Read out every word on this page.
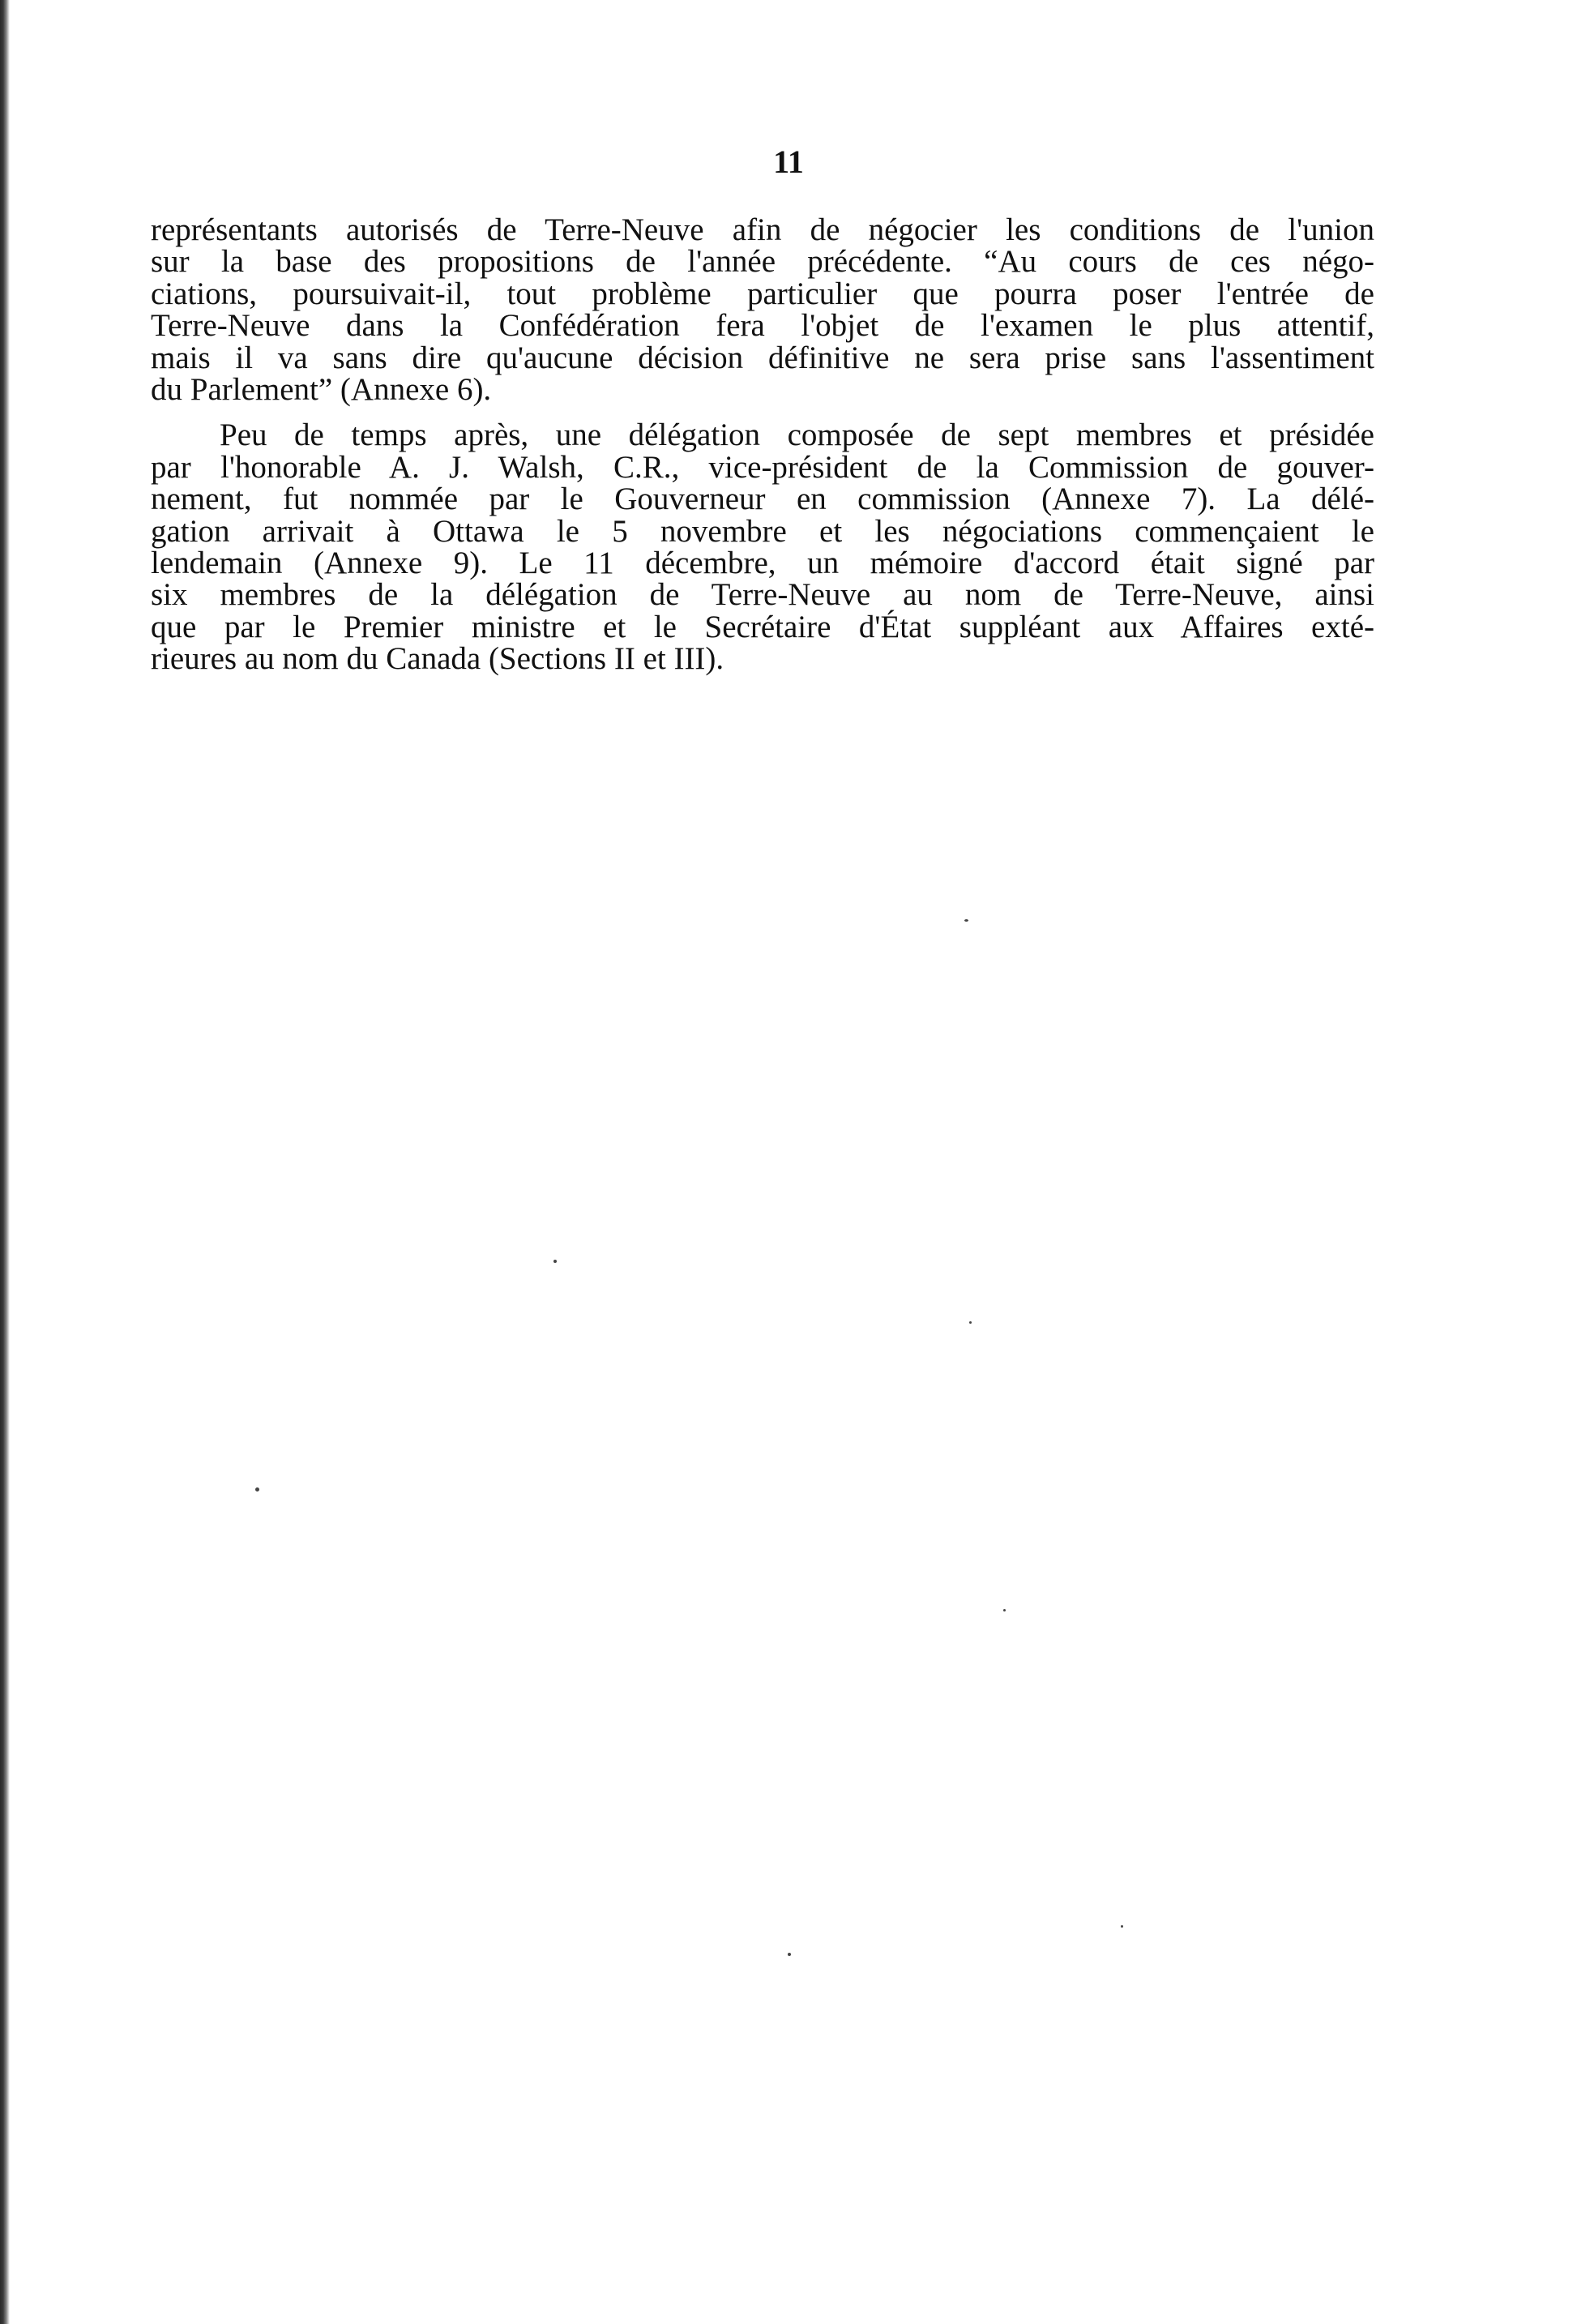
11
représentants autorisés de Terre-Neuve afin de négocier les conditions de l'union
sur la base des propositions de l'année précédente. “Au cours de ces négo-
ciations, poursuivait-il, tout problème particulier que pourra poser l'entrée de
Terre-Neuve dans la Confédération fera l'objet de l'examen le plus attentif,
mais il va sans dire qu'aucune décision définitive ne sera prise sans l'assentiment
du Parlement” (Annexe 6).
Peu de temps après, une délégation composée de sept membres et présidée
par l'honorable A. J. Walsh, C.R., vice-président de la Commission de gouver-
nement, fut nommée par le Gouverneur en commission (Annexe 7). La délé-
gation arrivait à Ottawa le 5 novembre et les négociations commençaient le
lendemain (Annexe 9). Le 11 décembre, un mémoire d'accord était signé par
six membres de la délégation de Terre-Neuve au nom de Terre-Neuve, ainsi
que par le Premier ministre et le Secrétaire d'État suppléant aux Affaires exté-
rieures au nom du Canada (Sections II et III).
